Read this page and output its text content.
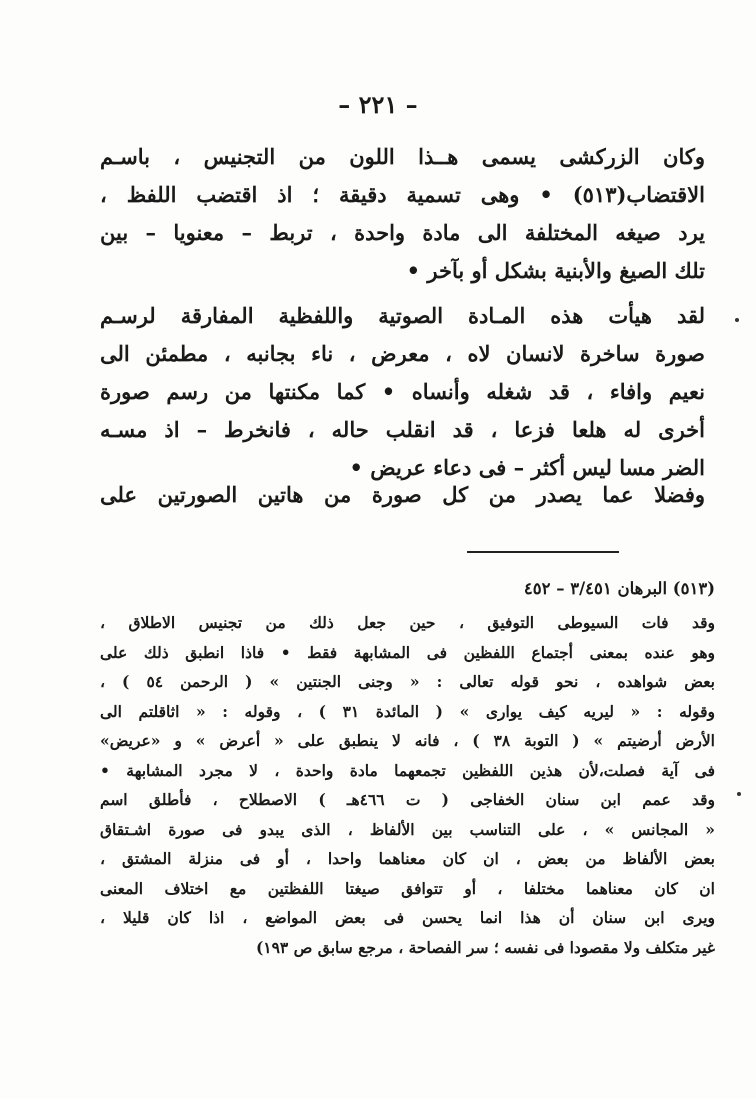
– ٢٢١ –
وكان الزركشى يسمى هــذا اللون من التجنيس ، باسـم
الاقتضاب(٥١٣) • وهى تسمية دقيقة ؛ اذ اقتضب اللفظ ،
يرد صيغه المختلفة الى مادة واحدة ، تربط – معنويا – بين
تلك الصيغ والأبنية بشكل أو بآخر •
لقد هيأت هذه المـادة الصوتية واللفظية المفارقة لرسـم
صورة ساخرة لانسان لاه ، معرض ، ناء بجانبه ، مطمئن الى
نعيم وافاء ، قد شغله وأنساه • كما مكنتها من رسم صورة
أخرى له هلعا فزعا ، قد انقلب حاله ، فانخرط – اذ مسـه
الضر مسا ليس أكثر – فى دعاء عريض •
وفضلا عما يصدر من كل صورة من هاتين الصورتين على
(٥١٣) البرهان ٣/٤٥١ – ٤٥٢
وقد فات السيوطى التوفيق ، حين جعل ذلك من تجنيس الاطلاق ،
وهو عنده بمعنى أجتماع اللفظين فى المشابهة فقط • فاذا انطبق ذلك على
بعض شواهده ، نحو قوله تعالى : « وجنى الجنتين » ( الرحمن ٥٤ ) ،
وقوله : « ليريه كيف يوارى » ( المائدة ٣١ ) ، وقوله : « اثاقلتم الى
الأرض أرضيتم » ( التوبة ٣٨ ) ، فانه لا ينطبق على « أعرض » و «عريض»
فى آية فصلت،لأن هذين اللفظين تجمعهما مادة واحدة ، لا مجرد المشابهة •
وقد عمم ابن سنان الخفاجى ( ت ٤٦٦هـ ) الاصطلاح ، فأطلق اسم
« المجانس » ، على التناسب بين الألفاظ ، الذى يبدو فى صورة اشـتقاق
بعض الألفاظ من بعض ، ان كان معناهما واحدا ، أو فى منزلة المشتق ،
ان كان معناهما مختلفا ، أو تتوافق صيغتا اللفظتين مع اختلاف المعنى
ويرى ابن سنان أن هذا انما يحسن فى بعض المواضع ، اذا كان قليلا ،
غير متكلف ولا مقصودا فى نفسه ؛ سر الفصاحة ، مرجع سابق ص ١٩٣)
